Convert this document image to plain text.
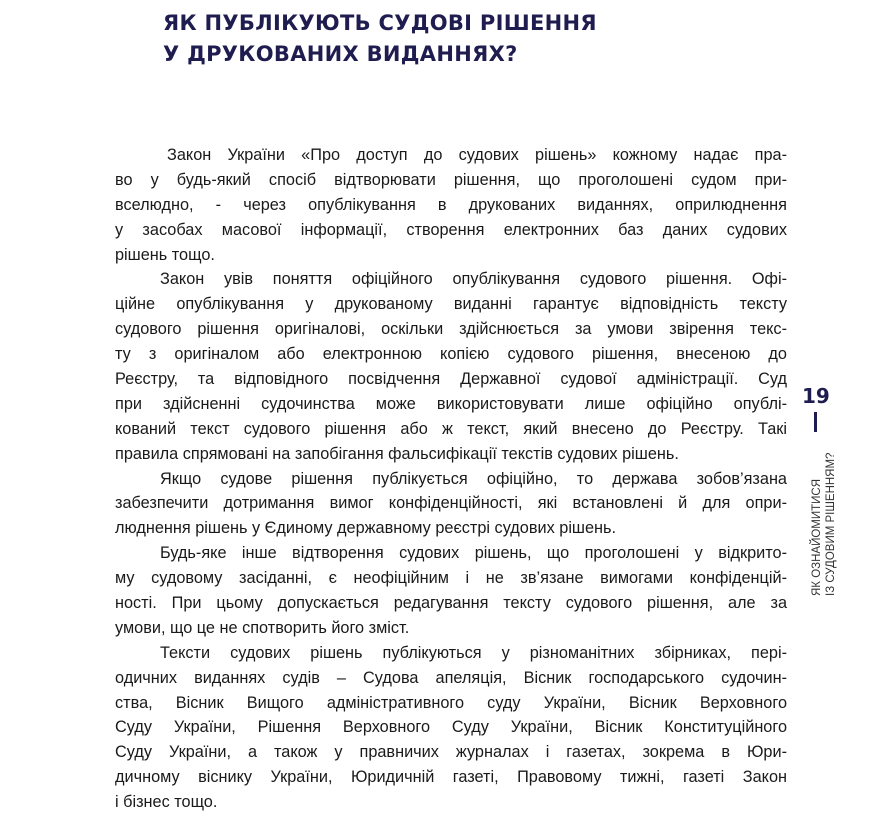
ЯК ПУБЛІКУЮТЬ СУДОВІ РІШЕННЯ
У ДРУКОВАНИХ ВИДАННЯХ?
Закон України «Про доступ до судових рішень» кожному надає пра-
во у будь-який спосіб відтворювати рішення, що проголошені судом при-
вселюдно, - через опублікування в друкованих виданнях, оприлюднення
у засобах масової інформації, створення електронних баз даних судових
рішень тощо.
Закон увів поняття офіційного опублікування судового рішення. Офі-
ційне опублікування у друкованому виданні гарантує відповідність тексту
судового рішення оригіналові, оскільки здійснюється за умови звірення текс-
ту з оригіналом або електронною копією судового рішення, внесеною до
Реєстру, та відповідного посвідчення Державної судової адміністрації. Суд
при здійсненні судочинства може використовувати лише офіційно опублі-
кований текст судового рішення або ж текст, який внесено до Реєстру. Такі
правила спрямовані на запобігання фальсифікації текстів судових рішень.
Якщо судове рішення публікується офіційно, то держава зобов’язана
забезпечити дотримання вимог конфіденційності, які встановлені й для опри-
люднення рішень у Єдиному державному реєстрі судових рішень.
Будь-яке інше відтворення судових рішень, що проголошені у відкрито-
му судовому засіданні, є неофіційним і не зв’язане вимогами конфіденцій-
ності. При цьому допускається редагування тексту судового рішення, але за
умови, що це не спотворить його зміст.
Тексти судових рішень публікуються у різноманітних збірниках, пері-
одичних виданнях судів – Судова апеляція, Вісник господарського судочин-
ства, Вісник Вищого адміністративного суду України, Вісник Верховного
Суду України, Рішення Верховного Суду України, Вісник Конституційного
Суду України, а також у правничих журналах і газетах, зокрема в Юри-
дичному віснику України, Юридичній газеті, Правовому тижні, газеті Закон
і бізнес тощо.
19
ЯК ОЗНАЙОМИТИСЯ ІЗ СУДОВИМ РІШЕННЯМ?
